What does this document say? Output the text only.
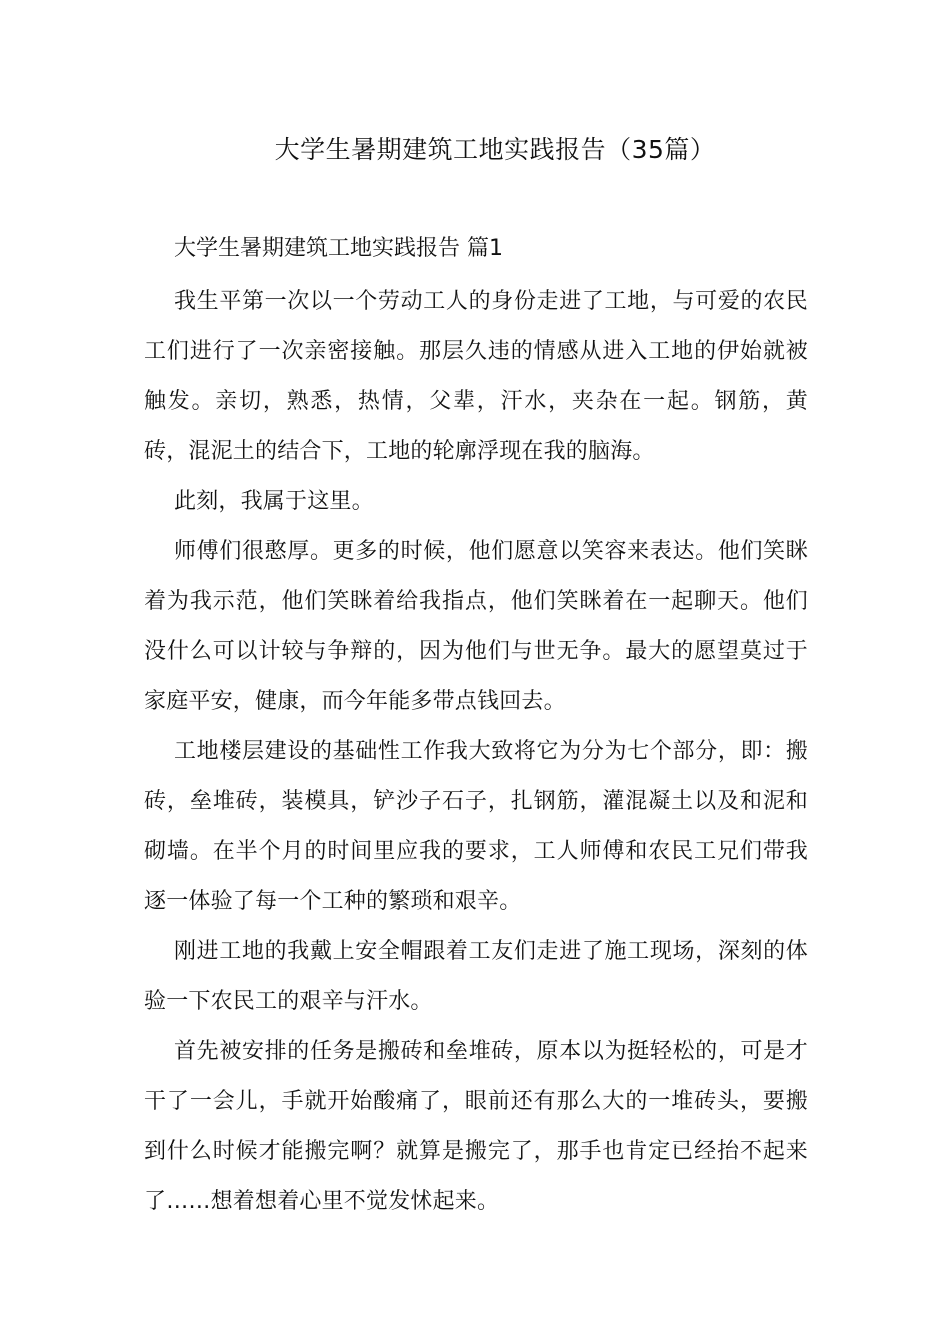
大学生暑期建筑工地实践报告（35篇）
大学生暑期建筑工地实践报告 篇1

我生平第一次以一个劳动工人的身份走进了工地，与可爱的农民工们进行了一次亲密接触。那层久违的情感从进入工地的伊始就被触发。亲切，熟悉，热情，父辈，汗水，夹杂在一起。钢筋，黄砖，混泥土的结合下，工地的轮廓浮现在我的脑海。

此刻，我属于这里。

师傅们很憨厚。更多的时候，他们愿意以笑容来表达。他们笑眯着为我示范，他们笑眯着给我指点，他们笑眯着在一起聊天。他们没什么可以计较与争辩的，因为他们与世无争。最大的愿望莫过于家庭平安，健康，而今年能多带点钱回去。

工地楼层建设的基础性工作我大致将它为分为七个部分，即：搬砖，垒堆砖，装模具，铲沙子石子，扎钢筋，灌混凝土以及和泥和砌墙。在半个月的时间里应我的要求，工人师傅和农民工兄们带我逐一体验了每一个工种的繁琐和艰辛。

刚进工地的我戴上安全帽跟着工友们走进了施工现场，深刻的体验一下农民工的艰辛与汗水。

首先被安排的任务是搬砖和垒堆砖，原本以为挺轻松的，可是才干了一会儿，手就开始酸痛了，眼前还有那么大的一堆砖头，要搬到什么时候才能搬完啊？就算是搬完了，那手也肯定已经抬不起来了……想着想着心里不觉发怵起来。
